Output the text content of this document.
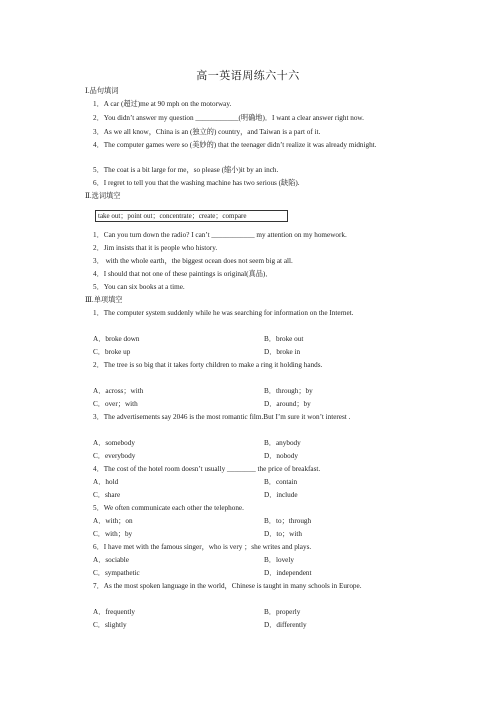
高一英语周练六十六
Ⅰ.品句填词
1．A car (超过)me at 90 mph on the motorway.
2．You didn’t answer my question ____________(明确地)．I want a clear answer right now.
3．As we all know，China is an (独立的) country，and Taiwan is a part of it.
4．The computer games were so (美妙的) that the teenager didn’t realize it was already midnight.
5．The coat is a bit large for me，so please (缩小)it by an inch.
6．I regret to tell you that the washing machine has two serious (缺陷).
Ⅱ.选词填空
take out；point out；concentrate；create；compare
1．Can you turn down the radio? I can’t ____________ my attention on my homework.
2．Jim insists that it is people who history.
3． with the whole earth，the biggest ocean does not seem big at all.
4．I should that not one of these paintings is original(真品)．
5．You can six books at a time.
Ⅲ.单项填空
1．The computer system suddenly while he was searching for information on the Internet.
A．broke down	B．broke out
C．broke up	D．broke in
2．The tree is so big that it takes forty children to make a ring it holding hands.
A．across；with	B．through；by
C．over；with	D．around；by
3．The advertisements say 2046 is the most romantic film.But I’m sure it won’t interest .
A．somebody	B．anybody
C．everybody	D．nobody
4．The cost of the hotel room doesn’t usually ________ the price of breakfast.
A．hold	B．contain
C．share	D．include
5．We often communicate each other the telephone.
A．with；on	B．to；through
C．with；by	D．to；with
6．I have met with the famous singer，who is very ；she writes and plays.
A．sociable	B．lovely
C．sympathetic	D．independent
7．As the most spoken language in the world，Chinese is taught in many schools in Europe.
A．frequently	B．properly
C．slightly	D．differently
